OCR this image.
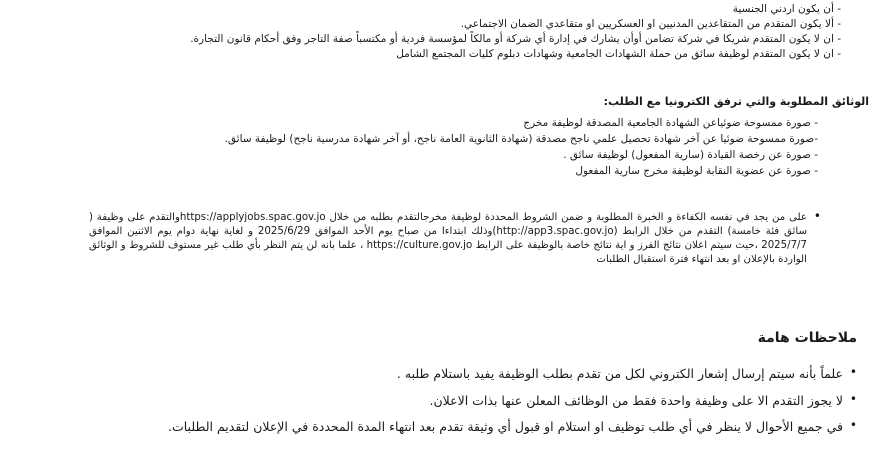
- أن يكون اردني الجنسية
- ألا يكون المتقدم من المتقاعدين المدنيين او العسكريين او متقاعدي الضمان الاجتماعي.
- ان لا يكون المتقدم شريكا في شركة تضامن أوأن يشارك في إدارة أي شركة أو مالكاً لمؤسسة فردية أو مكتسباً صفة التاجر وفق أحكام قانون التجارة.
- ان لا يكون المتقدم لوظيفة سائق من حملة الشهادات الجامعية وشهادات دبلوم كليات المجتمع الشامل
الوثائق المطلوبة والتي ترفق الكترونيا مع الطلب:
- صورة ممسوحة ضوئياعن الشهادة الجامعية المصدقة لوظيفة مخرج
-صورة ممسوحة ضوئيا عن آخر شهادة تحصيل علمي ناجح مصدقة (شهادة الثانوية العامة ناجح، أو آخر شهادة مدرسية ناجح) لوظيفة سائق.
- صورة عن رخصة القيادة (سارية المفعول) لوظيفة سائق .
- صورة عن عضوية النقابة لوظيفة مخرج سارية المفعول
•
على من يجد في نفسه الكفاءة و الخبرة المطلوبة و ضمن الشروط المحددة لوظيفة مخرجالتقدم بطلبه من خلال https://applyjobs.spac.gov.joوالتقدم على وظيفة ( سائق فئة خامسة) التقدم من خلال الرابط (http://app3.spac.gov.jo)وذلك ابتداءا من صباح يوم الأحد الموافق 2025/6/29 و لغاية نهاية دوام يوم الاثنين الموافق 2025/7/7 ،حيث سيتم اعلان نتائج الفرز و اية نتائج خاصة بالوظيفة على الرابط https://culture.gov.jo ، علما بانه لن يتم النظر بأي طلب غير مستوف للشروط و الوثائق الواردة بالإعلان او بعد انتهاء فترة استقبال الطلبات
ملاحظات هامة
•
علماً بأنه سيتم إرسال إشعار الكتروني لكل من تقدم بطلب الوظيفة يفيد باستلام طلبه .
•
لا يجوز التقدم الا على وظيفة واحدة فقط من الوظائف المعلن عنها بذات الاعلان.
•
في جميع الأحوال لا ينظر في أي طلب توظيف او استلام او قبول أي وثيقة تقدم بعد انتهاء المدة المحددة في الإعلان لتقديم الطلبات.
